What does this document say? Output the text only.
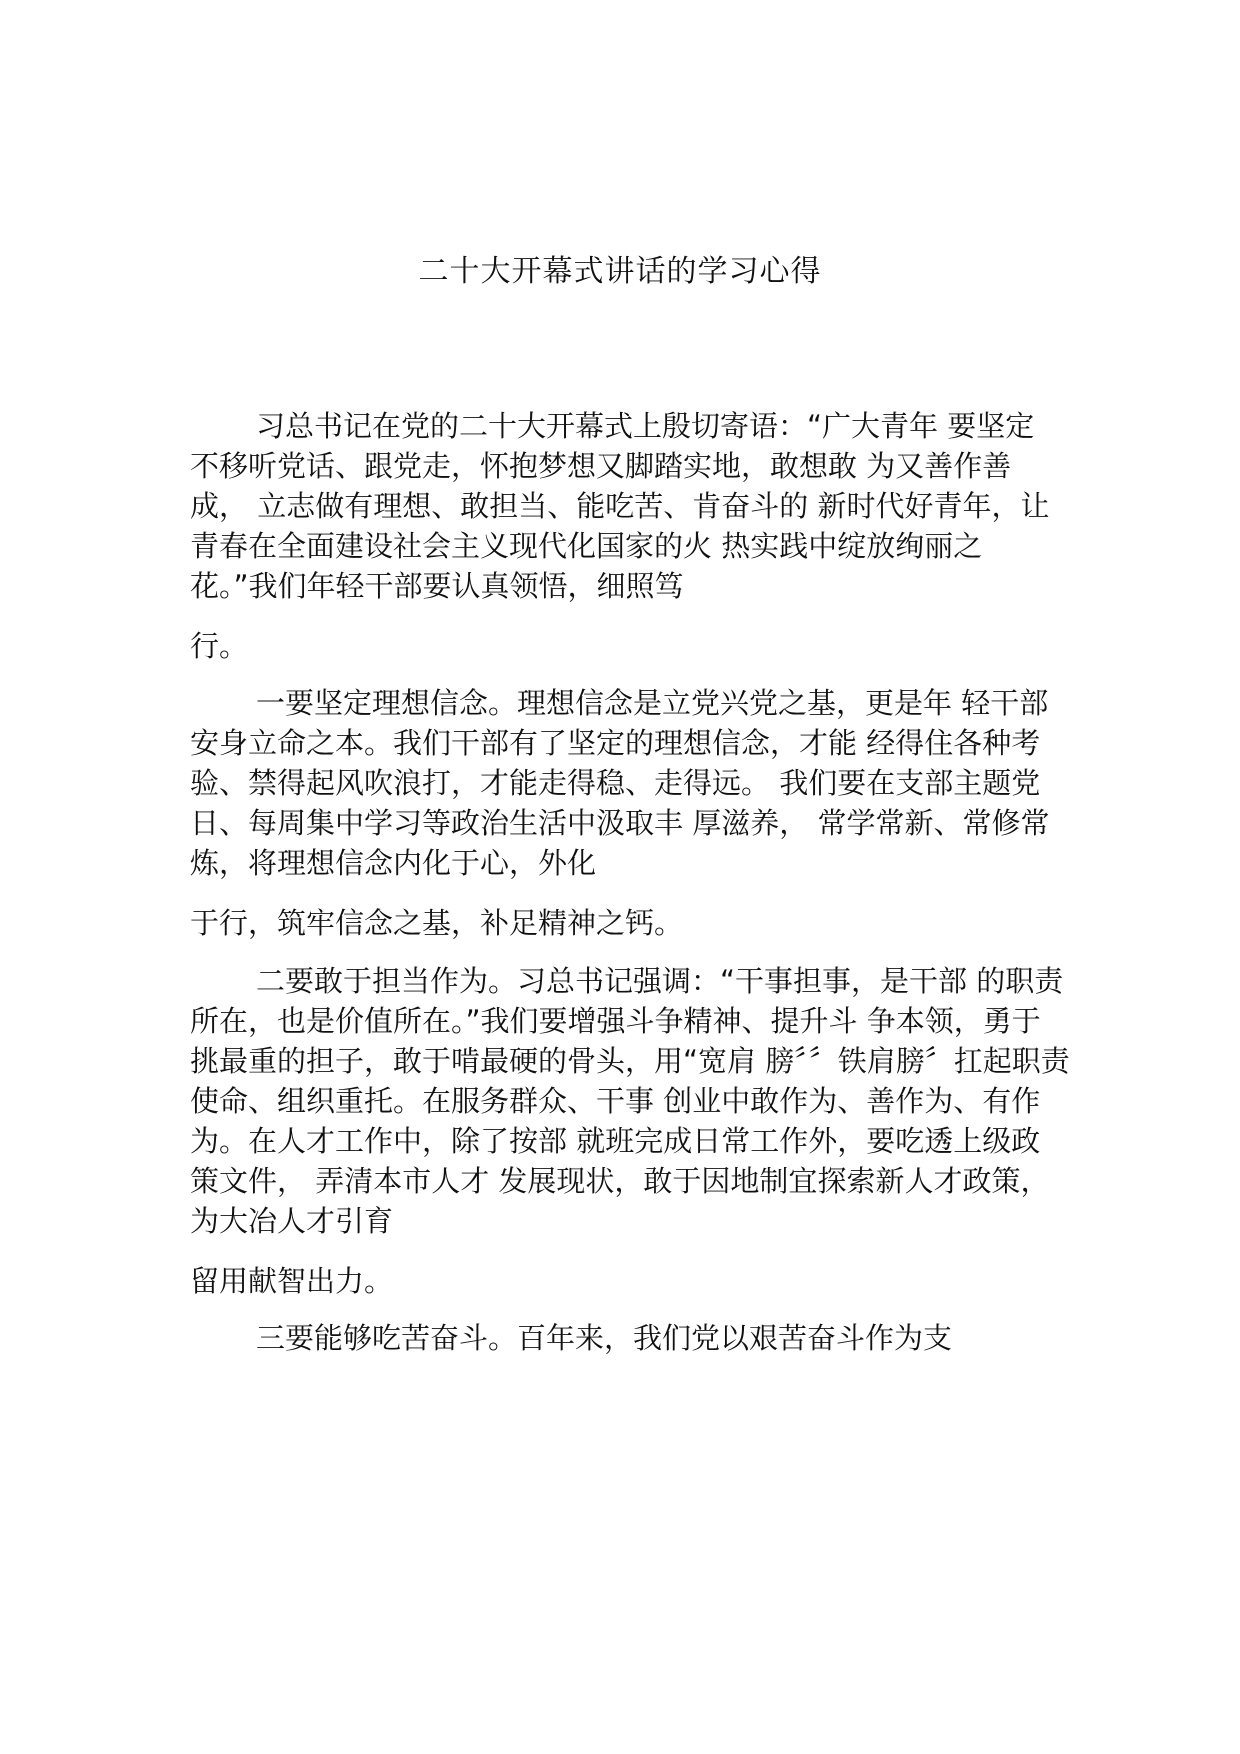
二十大开幕式讲话的学习心得
习总书记在党的二十大开幕式上殷切寄语：“广大青年 要坚定
不移听党话、跟党走，怀抱梦想又脚踏实地，敢想敢 为又善作善
成， 立志做有理想、敢担当、能吃苦、肯奋斗的 新时代好青年，让
青春在全面建设社会主义现代化国家的火 热实践中绽放绚丽之
花。”我们年轻干部要认真领悟，细照笃
行。
一要坚定理想信念。理想信念是立党兴党之基，更是年 轻干部
安身立命之本。我们干部有了坚定的理想信念，才能 经得住各种考
验、禁得起风吹浪打，才能走得稳、走得远。 我们要在支部主题党
日、每周集中学习等政治生活中汲取丰 厚滋养， 常学常新、常修常
炼，将理想信念内化于心，外化
于行，筑牢信念之基，补足精神之钙。
二要敢于担当作为。习总书记强调：“干事担事，是干部 的职责
所在，也是价值所在。”我们要增强斗争精神、提升斗 争本领，勇于
挑最重的担子，敢于啃最硬的骨头，用“宽肩 膀〞〞铁肩膀〞扛起职责
使命、组织重托。在服务群众、干事 创业中敢作为、善作为、有作
为。在人才工作中，除了按部 就班完成日常工作外，要吃透上级政
策文件， 弄清本市人才 发展现状，敢于因地制宜探索新人才政策，
为大冶人才引育
留用献智出力。
三要能够吃苦奋斗。百年来，我们党以艰苦奋斗作为支
